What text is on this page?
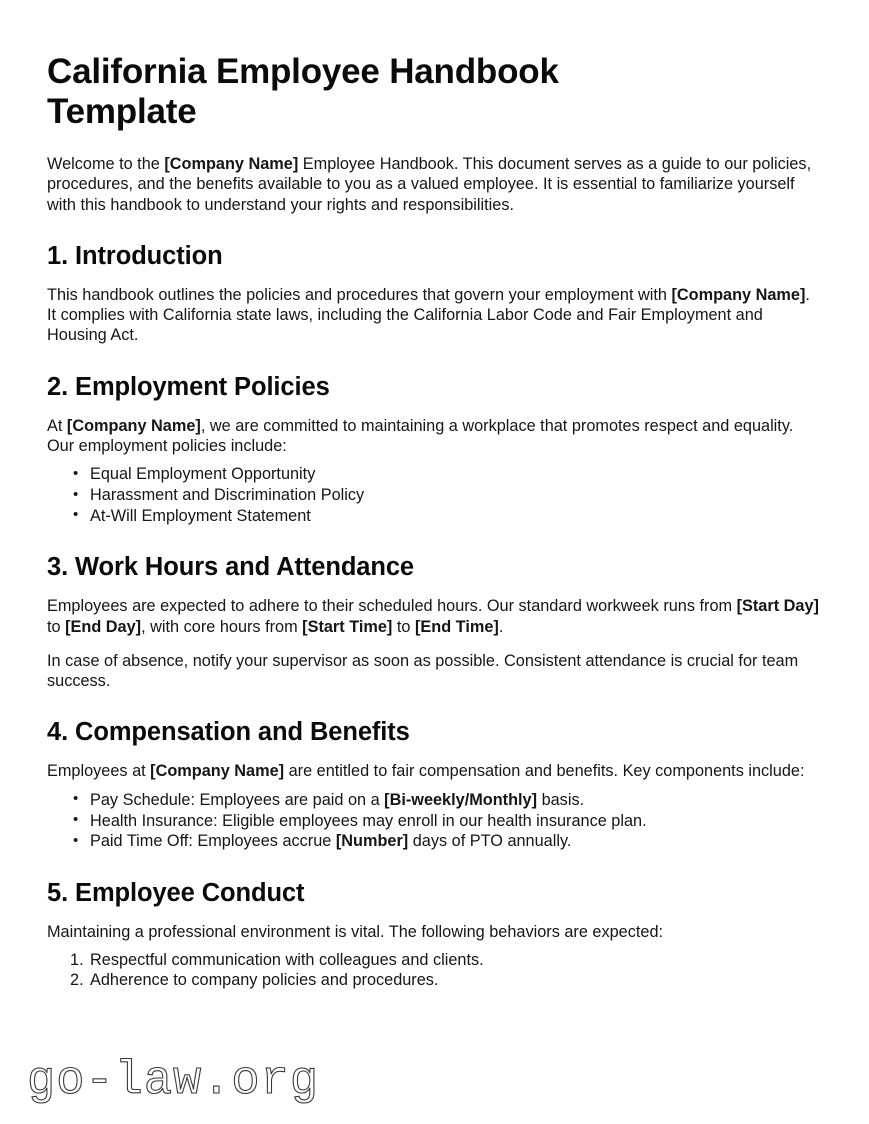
California Employee Handbook Template

Welcome to the [Company Name] Employee Handbook. This document serves as a guide to our policies, procedures, and the benefits available to you as a valued employee. It is essential to familiarize yourself with this handbook to understand your rights and responsibilities.

1. Introduction

This handbook outlines the policies and procedures that govern your employment with [Company Name]. It complies with California state laws, including the California Labor Code and Fair Employment and Housing Act.

2. Employment Policies

At [Company Name], we are committed to maintaining a workplace that promotes respect and equality. Our employment policies include:

• Equal Employment Opportunity
• Harassment and Discrimination Policy
• At-Will Employment Statement
3. Work Hours and Attendance

Employees are expected to adhere to their scheduled hours. Our standard workweek runs from [Start Day] to [End Day], with core hours from [Start Time] to [End Time].

In case of absence, notify your supervisor as soon as possible. Consistent attendance is crucial for team success.

4. Compensation and Benefits

Employees at [Company Name] are entitled to fair compensation and benefits. Key components include:

• Pay Schedule: Employees are paid on a [Bi-weekly/Monthly] basis.
• Health Insurance: Eligible employees may enroll in our health insurance plan.
• Paid Time Off: Employees accrue [Number] days of PTO annually.
5. Employee Conduct

Maintaining a professional environment is vital. The following behaviors are expected:

Respectful communication with colleagues and clients.
Adherence to company policies and procedures.
go-law.org
